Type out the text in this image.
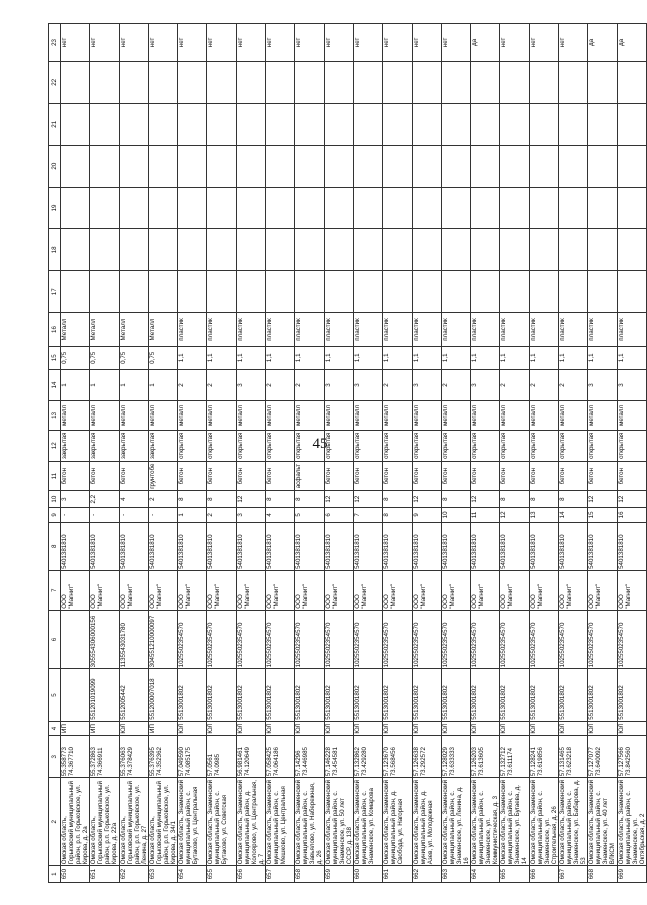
45
1	2	3	4	5	6	7	8	9	10	11	12	13	14	15	16	17	18	19	20	21	22	23
650	Омская область, Горьковский муниципальный район, р.п. Горьковское, ул. Кирова, д. 2а	55.358773 74.367710	ИП			ООО "Магнит"	5401381810	-	3	бетон	закрытая	металл	1	0,75	Металл							нет
651	Омская область, Горьковский муниципальный район, р.п. Горьковское, ул. Кирова, д. 22а	55.372863 74.366911	ИП	551201019099	305554306000156	ООО "Магнит"	5401381810	-	2,2	бетон	закрытая	металл	1	0,75	Металл							нет
652	Омская область, Горьковский муниципальный район, р.п. Горьковское, ул. Ленина, д. 27	55.376063 74.378429	ЮЛ	5512005442	1135543031780	ООО "Магнит"	5401381810	-	4	бетон	закрытая	металл	1	0,75	Металл							нет
653	Омская область, Горьковский муниципальный район, р.п. Горьковское, ул. Кирова, д. 34/1	55.376395 74.352362	ИП	551200007018	304551210000097	ООО "Магнит"	5401381810	-	2	грунтобе	закрытая	металл	1	0,75	Металл							нет
654	Омская область, Знаменский муниципальный район, с. Бутаково, ул. Центральная	57.049590 74.085175	ЮЛ	5513001802	1025502354570	ООО "Магнит"	5401381810	1	8	бетон	открытая	металл	2	1,1	пластик							нет
655	Омская область, Знаменский муниципальный район, с. Бутаково, ул. Советская	57.0561 74.0985	ЮЛ	5513001802	1025502354570	ООО "Магнит"	5401381810	2	8	бетон	открытая	металл	2	1,1	пластик							нет
656	Омская область, Знаменский муниципальный район, д. Колоярово, ул. Центральная, д. 7	56.981461 74.120649	ЮЛ	5513001802	1025502354570	ООО "Магнит"	5401381810	3	12	бетон	открытая	металл	3	1,1	пластик							нет
657	Омская область, Знаменский муниципальный район, с. Мешково, ул. Центральная	57.058425 74.064186	ЮЛ	5513001802	1025502354570	ООО "Магнит"	5401381810	4	8	бетон	открытая	металл	2	1,1	пластик							нет
658	Омская область, Знаменский муниципальный район, с. Завьялово, ул. Набережная, д. 26	57.14296 73.446985	ЮЛ	5513001802	1025502354570	ООО "Магнит"	5401381810	5	8	асфальт	открытая	металл	2	1,1	пластик							нет
659	Омская область, Знаменский муниципальный район, с. Знаменское, ул. 50 лет СССР, д. 138	57.146228 73.454581	ЮЛ	5513001802	1025502354570	ООО "Магнит"	5401381810	6	12	бетон	открытая	металл	3	1,1	пластик							нет
660	Омская область, Знаменский муниципальный район, с. Знаменское, ул. Комарова	57.132862 73.429280	ЮЛ	5513001802	1025502354570	ООО "Магнит"	5401381810	7	12	бетон	открытая	металл	3	1,1	пластик							нет
661	Омская область, Знаменский муниципальный район, д. Свобода, ул. Нагорная	57.123670 73.568456	ЮЛ	5513001802	1025502354570	ООО "Магнит"	5401381810	8	8	бетон	открытая	металл	2	1,1	пластик							нет
662	Омская область, Знаменский муниципальный район, д. Азев, ул. Молодежная	57.126638 73.292572	ЮЛ	5513001802	1025502354570	ООО "Магнит"	5401381810	9	12	бетон	открытая	металл	3	1,1	пластик							нет
663	Омская область, Знаменский муниципальный район, с. Знаменское, ул. Ленина, д. 16	57.128029 73.633333	ЮЛ	5513001802	1025502354570	ООО "Магнит"	5401381810	10	8	бетон	открытая	металл	2	1,1	пластик							нет
664	Омская область, Знаменский муниципальный район, с. Знаменское, ул. Коммунистическая, д. 3	57.126203 73.613605	ЮЛ	5513001802	1025502354570	ООО "Магнит"	5401381810	11	12	бетон	открытая	металл	3	1,1	пластик							да
665	Омская область, Знаменский муниципальный район, с. Знаменское, ул. Бугаева, д. 14	57.132712 73.611174	ЮЛ	5513001802	1025502354570	ООО "Магнит"	5401381810	12	8	бетон	открытая	металл	2	1,1	пластик							нет
666	Омская область, Знаменский муниципальный район, с. Знаменское, ул. Строительная, д. 26	57.128241 73.619856	ЮЛ	5513001802	1025502354570	ООО "Магнит"	5401381810	13	8	бетон	открытая	металл	2	1,1	пластик							нет
667	Омская область, Знаменский муниципальный район, с. Знаменское, ул. Бабарова, д. 53	57.131465 73.623218	ЮЛ	5513001802	1025502354570	ООО "Магнит"	5401381810	14	8	бетон	открытая	металл	2	1,1	пластик							нет
668	Омская область, Знаменский муниципальный район, с. Знаменское, ул. 40 лет ВЛКСМ	57.127077 73.640092	ЮЛ	5513001802	1025502354570	ООО "Магнит"	5401381810	15	12	бетон	открытая	металл	3	1,1	пластик							да
669	Омская область, Знаменский муниципальный район, с. Знаменское, ул. Октябрьская, д. 2	57.127566 73.842560	ЮЛ	5513001802	1025502354570	ООО "Магнит"	5401381810	16	12	бетон	открытая	металл	3	1,1	пластик							да
